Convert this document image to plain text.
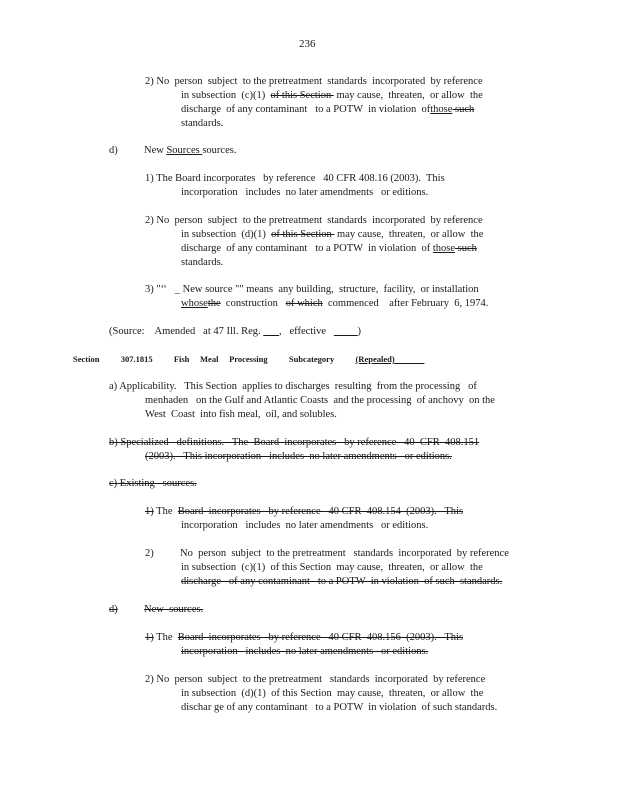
236
2) No  person  subject  to the pretreatment  standards  incorporated  by reference
in subsection  (c)(1)  of this Section  may cause,  threaten,  or allow  the
discharge  of any contaminant   to a POTW  in violation  ofthose such
standards.
d)          New Sources sources.
1) The Board incorporates   by reference   40 CFR 408.16 (2003).  This
incorporation   includes  no later amendments   or editions.
2) No  person  subject  to the pretreatment  standards  incorporated  by reference
in subsection  (d)(1)  of this Section  may cause,  threaten,  or allow  the
discharge  of any contaminant   to a POTW  in violation  of those such
standards.
3) "‘‘   _ New source "" means  any building,  structure,  facility,  or installation
whosethe  construction   of which  commenced    after February  6, 1974.
(Source:    Amended   at 47 Ill. Reg.       ,   effective            )
Section          307.1815          Fish     Meal     Processing          Subcategory          (Repealed)
a) Applicability.   This Section  applies to discharges  resulting  from the processing   of
menhaden   on the Gulf and Atlantic Coasts  and the processing  of anchovy  on the
West  Coast  into fish meal,  oil, and solubles.
b) Specialized   definitions.   The  Board  incorporates   by reference   40  CFR  408.151
(2003).   This incorporation   includes  no later amendments   or editions.
c) Existing   sources.
1) The  Board  incorporates   by reference   40 CFR  408.154  (2003).   This
incorporation   includes  no later amendments   or editions.
2)          No  person  subject  to the pretreatment   standards  incorporated  by reference
in subsection  (c)(1)  of this Section  may cause,  threaten,  or allow  the
discharge   of any contaminant   to a POTW  in violation  of such  standards.
d)	New  sources.
1) The  Board  incorporates   by reference   40 CFR  408.156  (2003).   This
incorporation   includes  no later amendments   or editions.
2) No  person  subject  to the pretreatment   standards  incorporated  by reference
in subsection  (d)(1)  of this Section  may cause,  threaten,  or allow  the
dischar ge of any contaminant   to a POTW  in violation  of such standards.
